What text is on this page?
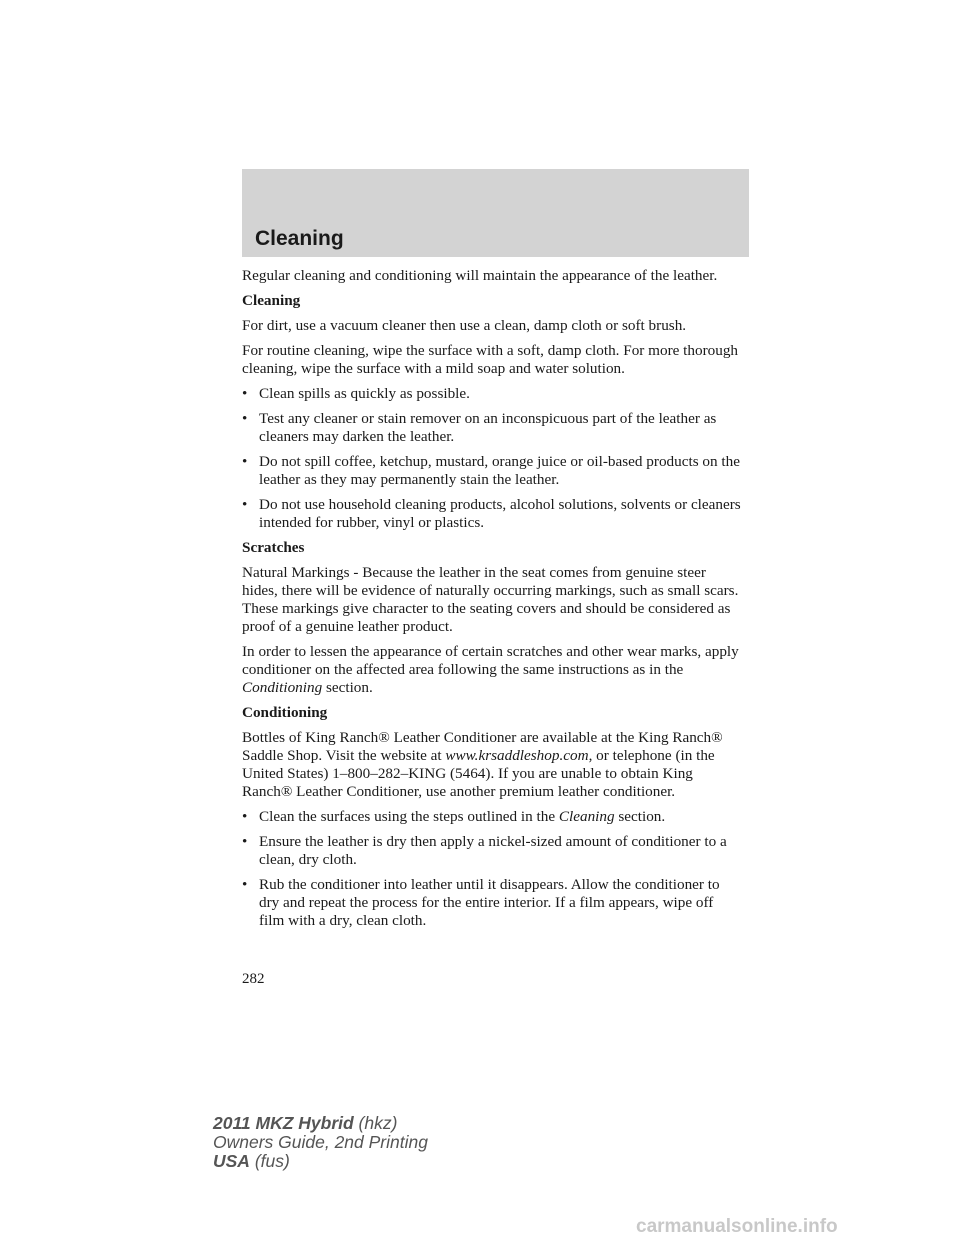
Cleaning

Regular cleaning and conditioning will maintain the appearance of the leather.

Cleaning

For dirt, use a vacuum cleaner then use a clean, damp cloth or soft brush.

For routine cleaning, wipe the surface with a soft, damp cloth. For more thorough cleaning, wipe the surface with a mild soap and water solution.

• Clean spills as quickly as possible.
• Test any cleaner or stain remover on an inconspicuous part of the leather as cleaners may darken the leather.
• Do not spill coffee, ketchup, mustard, orange juice or oil-based products on the leather as they may permanently stain the leather.
• Do not use household cleaning products, alcohol solutions, solvents or cleaners intended for rubber, vinyl or plastics.

Scratches

Natural Markings - Because the leather in the seat comes from genuine steer hides, there will be evidence of naturally occurring markings, such as small scars. These markings give character to the seating covers and should be considered as proof of a genuine leather product.

In order to lessen the appearance of certain scratches and other wear marks, apply conditioner on the affected area following the same instructions as in the Conditioning section.

Conditioning

Bottles of King Ranch® Leather Conditioner are available at the King Ranch® Saddle Shop. Visit the website at www.krsaddleshop.com, or telephone (in the United States) 1–800–282–KING (5464). If you are unable to obtain King Ranch® Leather Conditioner, use another premium leather conditioner.

• Clean the surfaces using the steps outlined in the Cleaning section.
• Ensure the leather is dry then apply a nickel-sized amount of conditioner to a clean, dry cloth.
• Rub the conditioner into leather until it disappears. Allow the conditioner to dry and repeat the process for the entire interior. If a film appears, wipe off film with a dry, clean cloth.
282
2011 MKZ Hybrid (hkz)
Owners Guide, 2nd Printing
USA (fus)
carmanualsonline.info
